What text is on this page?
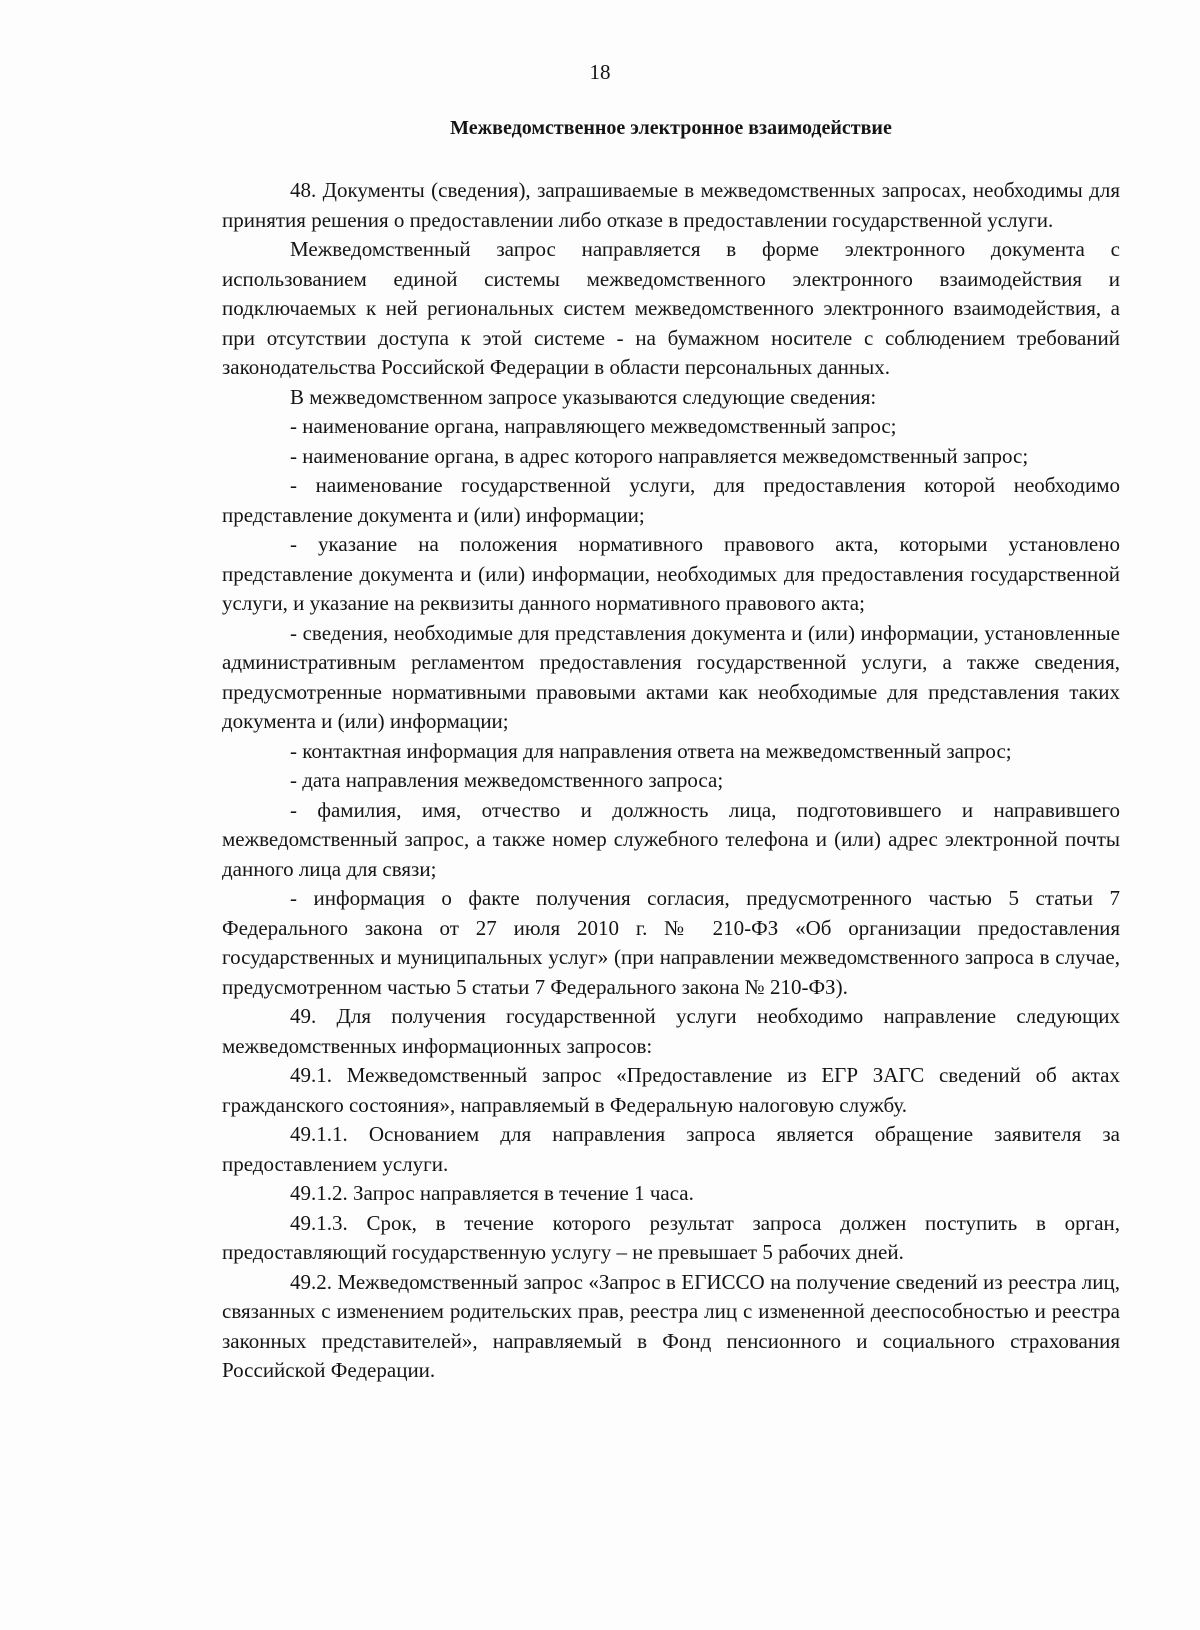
18
Межведомственное электронное взаимодействие

48. Документы (сведения), запрашиваемые в межведомственных запросах, необходимы для принятия решения о предоставлении либо отказе в предоставлении государственной услуги.

Межведомственный запрос направляется в форме электронного документа с использованием единой системы межведомственного электронного взаимодействия и подключаемых к ней региональных систем межведомственного электронного взаимодействия, а при отсутствии доступа к этой системе - на бумажном носителе с соблюдением требований законодательства Российской Федерации в области персональных данных.

В межведомственном запросе указываются следующие сведения:

- наименование органа, направляющего межведомственный запрос;

- наименование органа, в адрес которого направляется межведомственный запрос;

- наименование государственной услуги, для предоставления которой необходимо представление документа и (или) информации;

- указание на положения нормативного правового акта, которыми установлено представление документа и (или) информации, необходимых для предоставления государственной услуги, и указание на реквизиты данного нормативного правового акта;

- сведения, необходимые для представления документа и (или) информации, установленные административным регламентом предоставления государственной услуги, а также сведения, предусмотренные нормативными правовыми актами как необходимые для представления таких документа и (или) информации;

- контактная информация для направления ответа на межведомственный запрос;

- дата направления межведомственного запроса;

- фамилия, имя, отчество и должность лица, подготовившего и направившего межведомственный запрос, а также номер служебного телефона и (или) адрес электронной почты данного лица для связи;

- информация о факте получения согласия, предусмотренного частью 5 статьи 7 Федерального закона от 27 июля 2010 г. № 210-ФЗ «Об организации предоставления государственных и муниципальных услуг» (при направлении межведомственного запроса в случае, предусмотренном частью 5 статьи 7 Федерального закона № 210-ФЗ).

49. Для получения государственной услуги необходимо направление следующих межведомственных информационных запросов:

49.1. Межведомственный запрос «Предоставление из ЕГР ЗАГС сведений об актах гражданского состояния», направляемый в Федеральную налоговую службу.

49.1.1. Основанием для направления запроса является обращение заявителя за предоставлением услуги.

49.1.2. Запрос направляется в течение 1 часа.

49.1.3. Срок, в течение которого результат запроса должен поступить в орган, предоставляющий государственную услугу – не превышает 5 рабочих дней.

49.2. Межведомственный запрос «Запрос в ЕГИССО на получение сведений из реестра лиц, связанных с изменением родительских прав, реестра лиц с измененной дееспособностью и реестра законных представителей», направляемый в Фонд пенсионного и социального страхования Российской Федерации.
